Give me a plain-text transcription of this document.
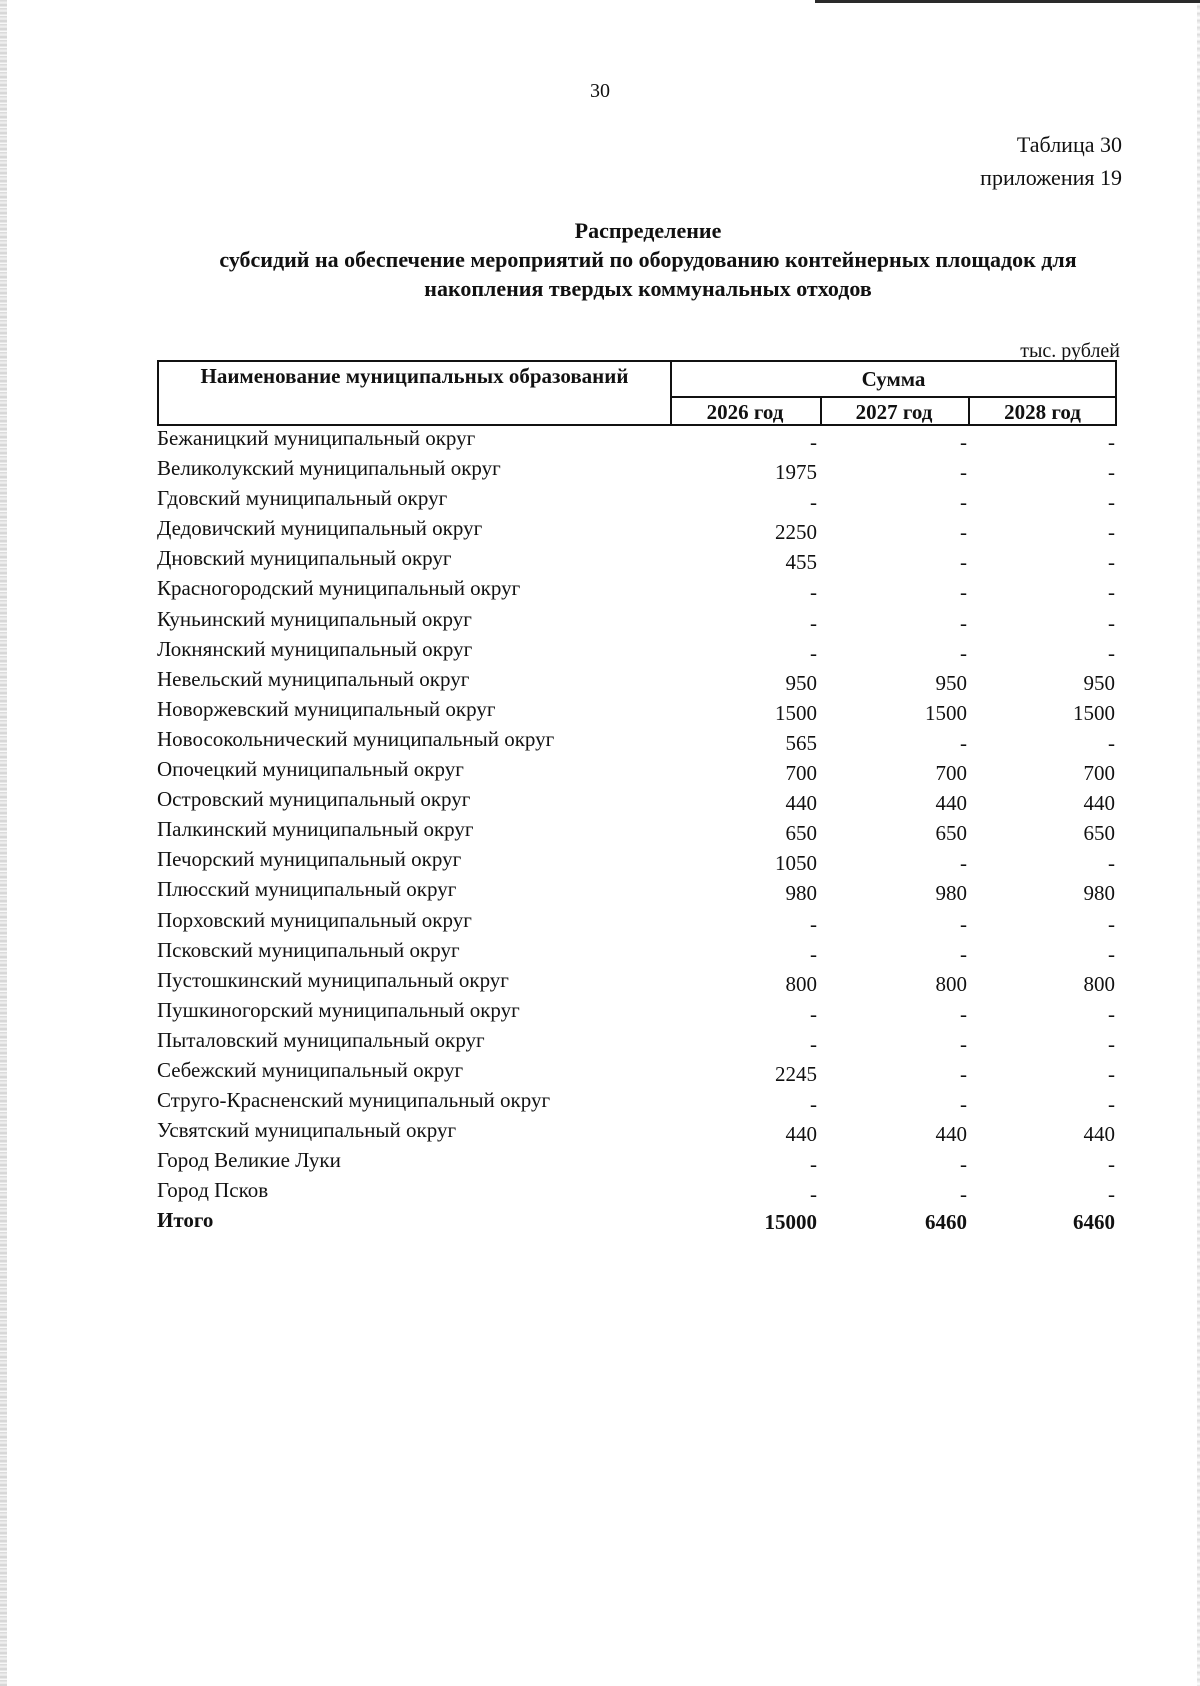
30
Таблица 30
приложения 19
Распределение
субсидий на обеспечение мероприятий по оборудованию контейнерных площадок для
накопления твердых коммунальных отходов
тыс. рублей
Наименование муниципальных образований	Сумма
2026 год	2027 год	2028 год
Бежаницкий муниципальный округ	-	-	-
Великолукский муниципальный округ	1975	-	-
Гдовский муниципальный округ	-	-	-
Дедовичский муниципальный округ	2250	-	-
Дновский муниципальный округ	455	-	-
Красногородский муниципальный округ	-	-	-
Куньинский муниципальный округ	-	-	-
Локнянский муниципальный округ	-	-	-
Невельский муниципальный округ	950	950	950
Новоржевский муниципальный округ	1500	1500	1500
Новосокольнический муниципальный округ	565	-	-
Опочецкий муниципальный округ	700	700	700
Островский муниципальный округ	440	440	440
Палкинский муниципальный округ	650	650	650
Печорский муниципальный округ	1050	-	-
Плюсский муниципальный округ	980	980	980
Порховский муниципальный округ	-	-	-
Псковский муниципальный округ	-	-	-
Пустошкинский муниципальный округ	800	800	800
Пушкиногорский муниципальный округ	-	-	-
Пыталовский муниципальный округ	-	-	-
Себежский муниципальный округ	2245	-	-
Струго-Красненский муниципальный округ	-	-	-
Усвятский муниципальный округ	440	440	440
Город Великие Луки	-	-	-
Город Псков	-	-	-
Итого	15000	6460	6460
